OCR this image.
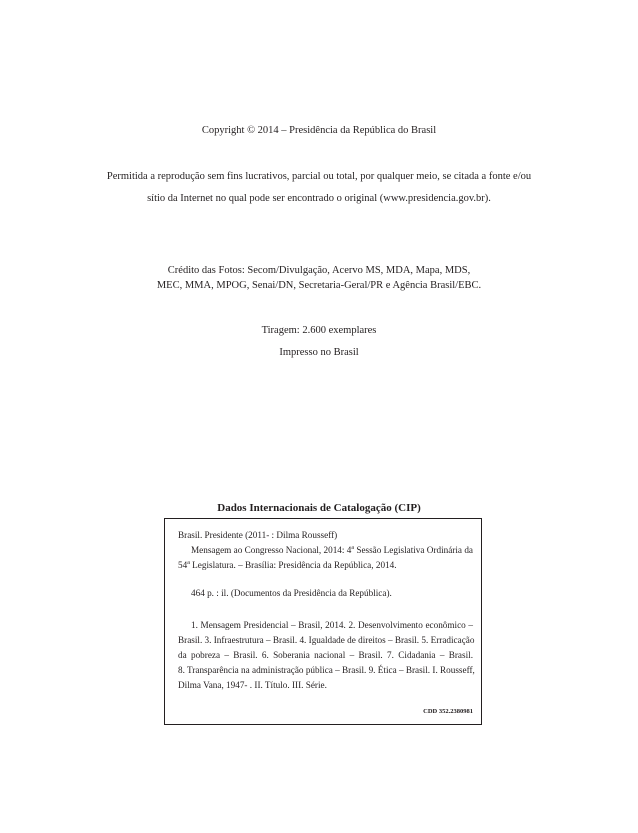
Copyright © 2014 – Presidência da República do Brasil
Permitida a reprodução sem fins lucrativos, parcial ou total, por qualquer meio, se citada a fonte e/ou
sítio da Internet no qual pode ser encontrado o original (www.presidencia.gov.br).
Crédito das Fotos: Secom/Divulgação, Acervo MS, MDA, Mapa, MDS,
MEC, MMA, MPOG, Senai/DN, Secretaria-Geral/PR e Agência Brasil/EBC.
Tiragem: 2.600 exemplares
Impresso no Brasil
Dados Internacionais de Catalogação (CIP)
Brasil. Presidente (2011- : Dilma Rousseff)
Mensagem ao Congresso Nacional, 2014: 4$^a$ Sessão Legislativa Ordinária da
54$^a$ Legislatura. – Brasília: Presidência da República, 2014.
464 p. : il. (Documentos da Presidência da República).
1. Mensagem Presidencial – Brasil, 2014. 2. Desenvolvimento econômico –
Brasil. 3. Infraestrutura – Brasil. 4. Igualdade de direitos – Brasil. 5. Erradicação
da pobreza – Brasil. 6. Soberania nacional – Brasil. 7. Cidadania – Brasil.
8. Transparência na administração pública – Brasil. 9. Ética – Brasil. I. Rousseff,
Dilma Vana, 1947- . II. Título. III. Série.
CDD 352.2380981
